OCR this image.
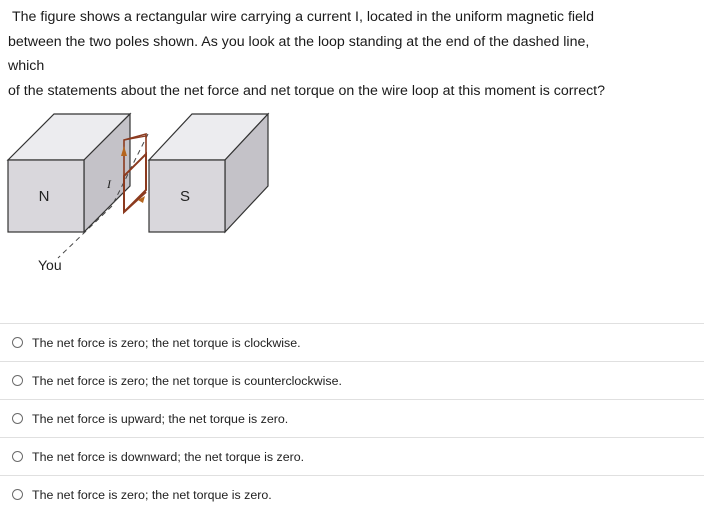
The figure shows a rectangular wire carrying a current I, located in the uniform magnetic field

between the two poles shown. As you look at the loop standing at the end of the dashed line,

which

of the statements about the net force and net torque on the wire loop at this moment is correct?

N
I
S
You
The net force is zero; the net torque is clockwise.
The net force is zero; the net torque is counterclockwise.
The net force is upward; the net torque is zero.
The net force is downward; the net torque is zero.
The net force is zero; the net torque is zero.
